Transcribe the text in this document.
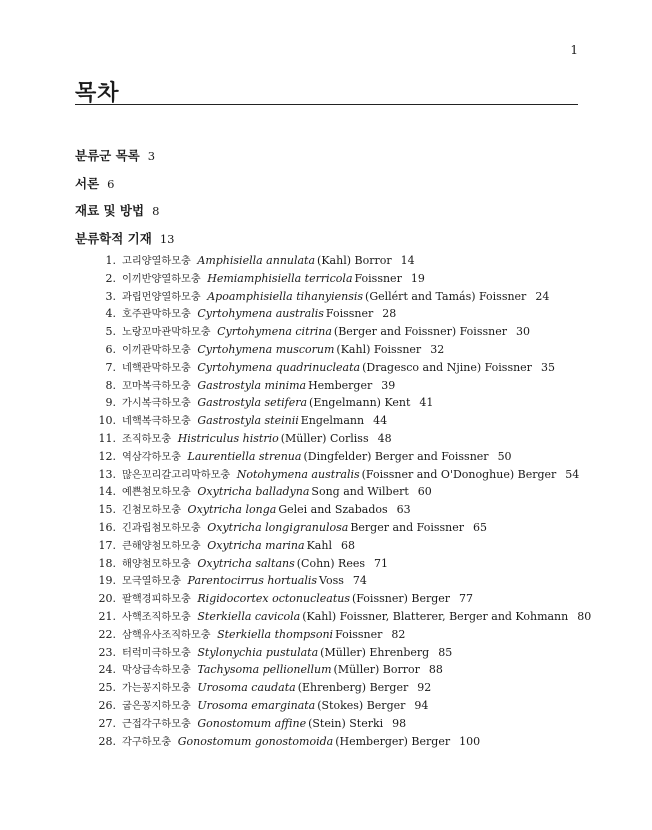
1
목차
분류군 목록 3
서론 6
재료 및 방법 8
분류학적 기재 13
1. 고리양열하모충 Amphisiella annulata (Kahl) Borror 14
2. 이끼반양열하모충 Hemiamphisiella terricola Foissner 19
3. 과립먼양열하모충 Apoamphisiella tihanyiensis (Gellért and Tamás) Foissner 24
4. 호주관막하모충 Cyrtohymena australis Foissner 28
5. 노랑꼬마관막하모충 Cyrtohymena citrina (Berger and Foissner) Foissner 30
6. 이끼관막하모충 Cyrtohymena muscorum (Kahl) Foissner 32
7. 네핵관막하모충 Cyrtohymena quadrinucleata (Dragesco and Njine) Foissner 35
8. 꼬마복극하모충 Gastrostyla minima Hemberger 39
9. 가시복극하모충 Gastrostyla setifera (Engelmann) Kent 41
10. 네핵복극하모충 Gastrostyla steinii Engelmann 44
11. 조직하모충 Histriculus histrio (Müller) Corliss 48
12. 역삼각하모충 Laurentiella strenua (Dingfelder) Berger and Foissner 50
13. 많은꼬리갈고리막하모충 Notohymena australis (Foissner and O'Donoghue) Berger 54
14. 예쁜첨모하모충 Oxytricha balladyna Song and Wilbert 60
15. 긴첨모하모충 Oxytricha longa Gelei and Szabados 63
16. 긴과립첨모하모충 Oxytricha longigranulosa Berger and Foissner 65
17. 큰해양첨모하모충 Oxytricha marina Kahl 68
18. 해양첨모하모충 Oxytricha saltans (Cohn) Rees 71
19. 모극열하모충 Parentocirrus hortualis Voss 74
20. 팔핵경피하모충 Rigidocortex octonucleatus (Foissner) Berger 77
21. 사핵조직하모충 Sterkiella cavicola (Kahl) Foissner, Blatterer, Berger and Kohmann 80
22. 삼핵유사조직하모충 Sterkiella thompsoni Foissner 82
23. 터럭미극하모충 Stylonychia pustulata (Müller) Ehrenberg 85
24. 막상급속하모충 Tachysoma pellionellum (Müller) Borror 88
25. 가는꽁지하모충 Urosoma caudata (Ehrenberg) Berger 92
26. 굽은꽁지하모충 Urosoma emarginata (Stokes) Berger 94
27. 근접각구하모충 Gonostomum affine (Stein) Sterki 98
28. 각구하모충 Gonostomum gonostomoida (Hemberger) Berger 100
